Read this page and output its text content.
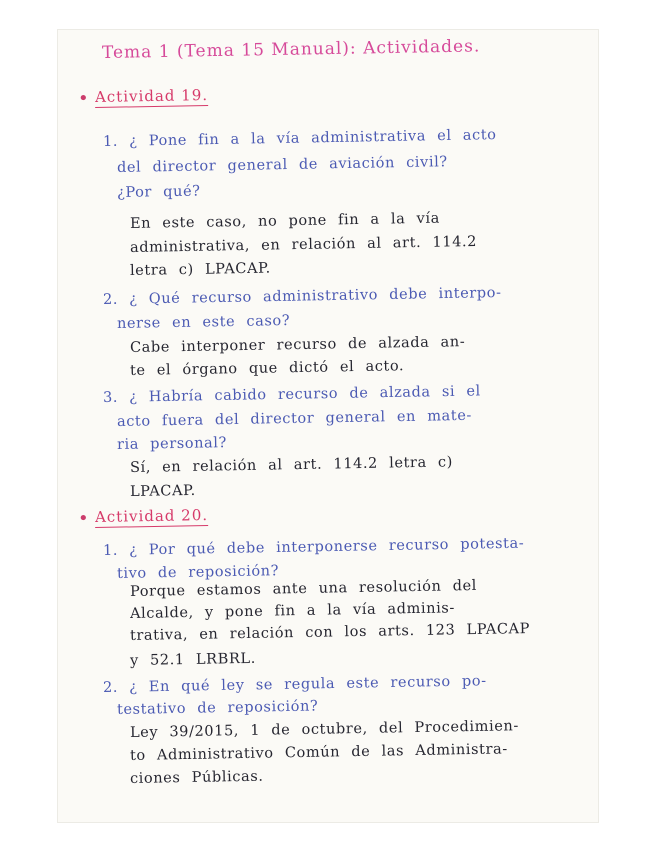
Tema 1 (Tema 15 Manual): Actividades.
• Actividad 19.
1. ¿ Pone fin a la vía administrativa el acto
del director general de aviación civil?
¿Por qué?
En este caso, no pone fin a la vía
administrativa, en relación al art. 114.2
letra c) LPACAP.
2. ¿ Qué recurso administrativo debe interpo-
nerse en este caso?
Cabe interponer recurso de alzada an-
te el órgano que dictó el acto.
3. ¿ Habría cabido recurso de alzada si el
acto fuera del director general en mate-
ria personal?
Sí, en relación al art. 114.2 letra c)
LPACAP.
• Actividad 20.
1. ¿ Por qué debe interponerse recurso potesta-
tivo de reposición?
Porque estamos ante una resolución del
Alcalde, y pone fin a la vía adminis-
trativa, en relación con los arts. 123 LPACAP
y 52.1 LRBRL.
2. ¿ En qué ley se regula este recurso po-
testativo de reposición?
Ley 39/2015, 1 de octubre, del Procedimien-
to Administrativo Común de las Administra-
ciones Públicas.
